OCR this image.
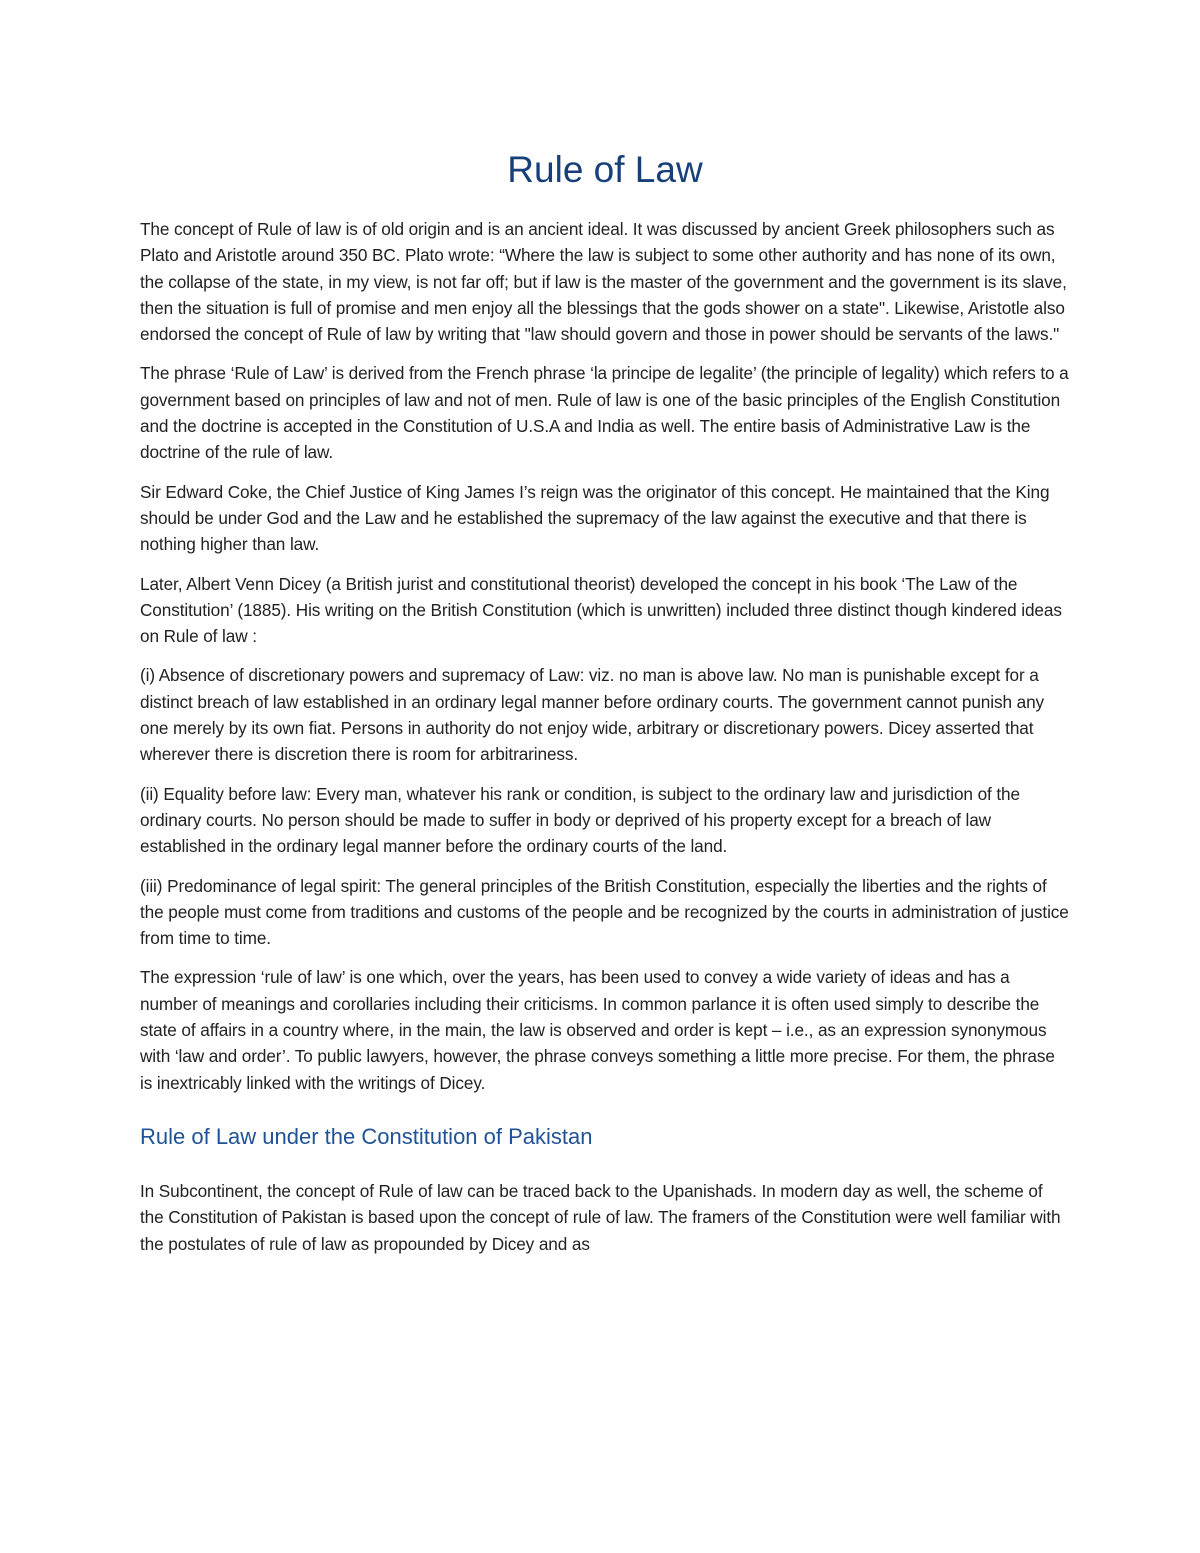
Rule of Law

The concept of Rule of law is of old origin and is an ancient ideal. It was discussed by ancient Greek philosophers such as Plato and Aristotle around 350 BC. Plato wrote: “Where the law is subject to some other authority and has none of its own, the collapse of the state, in my view, is not far off; but if law is the master of the government and the government is its slave, then the situation is full of promise and men enjoy all the blessings that the gods shower on a state". Likewise, Aristotle also endorsed the concept of Rule of law by writing that "law should govern and those in power should be servants of the laws."

The phrase ‘Rule of Law’ is derived from the French phrase ‘la principe de legalite’ (the principle of legality) which refers to a government based on principles of law and not of men. Rule of law is one of the basic principles of the English Constitution and the doctrine is accepted in the Constitution of U.S.A and India as well. The entire basis of Administrative Law is the doctrine of the rule of law.

Sir Edward Coke, the Chief Justice of King James I’s reign was the originator of this concept. He maintained that the King should be under God and the Law and he established the supremacy of the law against the executive and that there is nothing higher than law.

Later, Albert Venn Dicey (a British jurist and constitutional theorist) developed the concept in his book ‘The Law of the Constitution’ (1885). His writing on the British Constitution (which is unwritten) included three distinct though kindered ideas on Rule of law :

(i) Absence of discretionary powers and supremacy of Law: viz. no man is above law. No man is punishable except for a distinct breach of law established in an ordinary legal manner before ordinary courts. The government cannot punish any one merely by its own fiat. Persons in authority do not enjoy wide, arbitrary or discretionary powers. Dicey asserted that wherever there is discretion there is room for arbitrariness.

(ii) Equality before law: Every man, whatever his rank or condition, is subject to the ordinary law and jurisdiction of the ordinary courts. No person should be made to suffer in body or deprived of his property except for a breach of law established in the ordinary legal manner before the ordinary courts of the land.

(iii) Predominance of legal spirit: The general principles of the British Constitution, especially the liberties and the rights of the people must come from traditions and customs of the people and be recognized by the courts in administration of justice from time to time.

The expression ‘rule of law’ is one which, over the years, has been used to convey a wide variety of ideas and has a number of meanings and corollaries including their criticisms. In common parlance it is often used simply to describe the state of affairs in a country where, in the main, the law is observed and order is kept – i.e., as an expression synonymous with ‘law and order’. To public lawyers, however, the phrase conveys something a little more precise. For them, the phrase is inextricably linked with the writings of Dicey.

Rule of Law under the Constitution of Pakistan

In Subcontinent, the concept of Rule of law can be traced back to the Upanishads. In modern day as well, the scheme of the Constitution of Pakistan is based upon the concept of rule of law. The framers of the Constitution were well familiar with the postulates of rule of law as propounded by Dicey and as
